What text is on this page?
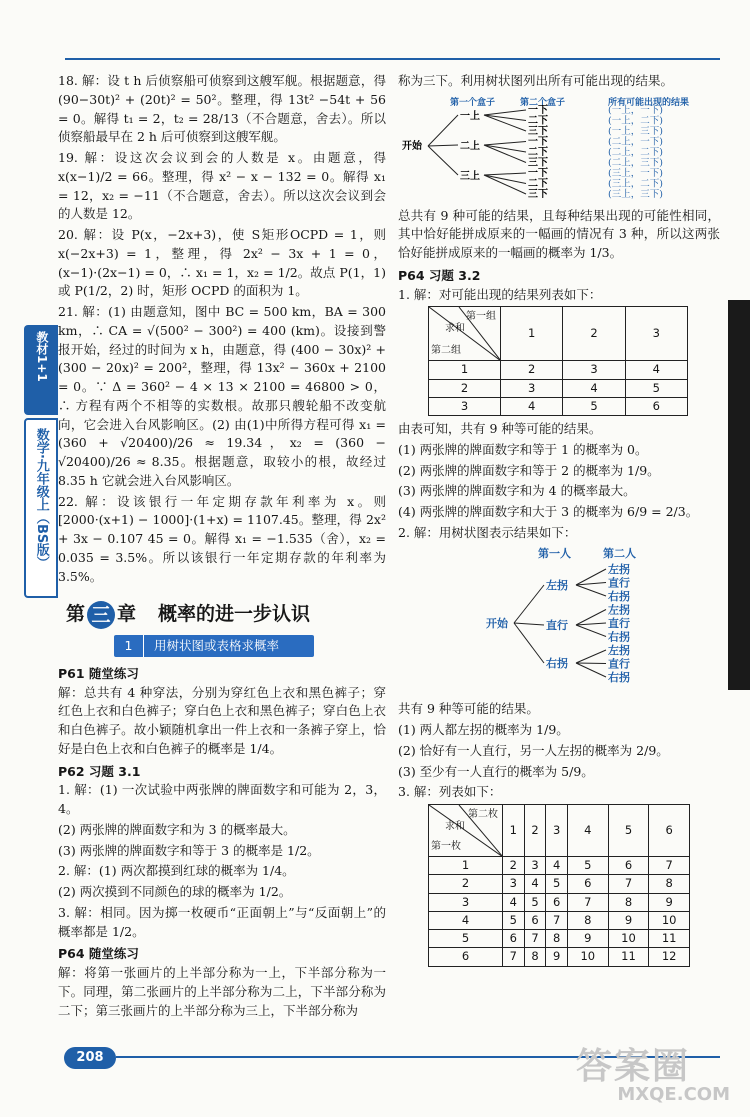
教材1+1
数学·九年级上（BS版）

18. 解：设 t h 后侦察船可侦察到这艘军舰。根据题意，得 (90−30t)² + (20t)² = 50²。整理，得 13t² −54t + 56 = 0。解得 t₁ = 2，t₂ = 28/13（不合题意，舍去）。所以侦察船最早在 2 h 后可侦察到这艘军舰。

19. 解：设这次会议到会的人数是 x。由题意，得 x(x−1)/2 = 66。整理，得 x² − x − 132 = 0。解得 x₁ = 12，x₂ = −11（不合题意，舍去）。所以这次会议到会的人数是 12。

20. 解：设 P(x，−2x+3)，使 S矩形OCPD = 1，则 x(−2x+3) = 1，整理，得 2x² − 3x + 1 = 0，(x−1)·(2x−1) = 0，∴ x₁ = 1，x₂ = 1/2。故点 P(1，1) 或 P(1/2，2) 时，矩形 OCPD 的面积为 1。

21. 解：(1) 由题意知，图中 BC = 500 km，BA = 300 km，∴ CA = √(500² − 300²) = 400 (km)。设接到警报开始，经过的时间为 x h，由题意，得 (400 − 30x)² + (300 − 20x)² = 200²，整理，得 13x² − 360x + 2100 = 0。∵ Δ = 360² − 4 × 13 × 2100 = 46800 > 0，∴ 方程有两个不相等的实数根。故那只艘轮船不改变航向，它会进入台风影响区。(2) 由(1)中所得方程可得 x₁ = (360 + √20400)/26 ≈ 19.34，x₂ = (360 − √20400)/26 ≈ 8.35。根据题意，取较小的根，故经过 8.35 h 它就会进入台风影响区。

22. 解：设该银行一年定期存款年利率为 x。则 [2000·(x+1) − 1000]·(1+x) = 1107.45。整理，得 2x² + 3x − 0.107 45 = 0。解得 x₁ = −1.535（舍），x₂ = 0.035 = 3.5%。所以该银行一年定期存款的年利率为 3.5%。

第 三 章 概率的进一步认识
1	用树状图或表格求概率
P61 随堂练习

解：总共有 4 种穿法，分别为穿红色上衣和黑色裤子；穿红色上衣和白色裤子；穿白色上衣和黑色裤子；穿白色上衣和白色裤子。故小颖随机拿出一件上衣和一条裤子穿上，恰好是白色上衣和白色裤子的概率是 1/4。

P62 习题 3.1

1. 解：(1) 一次试验中两张牌的牌面数字和可能为 2，3，4。

(2) 两张牌的牌面数字和为 3 的概率最大。

(3) 两张牌的牌面数字和等于 3 的概率是 1/2。

2. 解：(1) 两次都摸到红球的概率为 1/4。

(2) 两次摸到不同颜色的球的概率为 1/2。

3. 解：相同。因为掷一枚硬币“正面朝上”与“反面朝上”的概率都是 1/2。

P64 随堂练习

解：将第一张画片的上半部分称为一上，下半部分称为一下。同理，第二张画片的上半部分称为二上，下半部分称为二下；第三张画片的上半部分称为三上，下半部分称为

称为三下。利用树状图列出所有可能出现的结果。

第一个盒子	第二个盒子	所有可能出现的结果
开始
一上
一下	(一上，一下)
二下	(一上，二下)
三下	(一上，三下)
二上	一下	(二上，一下)
二下	(二上，二下)
三下	(二上，三下)
三上	一下	(三上，一下)
二下	(三上，二下)
三下	(三上，三下)

总共有 9 种可能的结果，且每种结果出现的可能性相同，其中恰好能拼成原来的一幅画的情况有 3 种，所以这两张恰好能拼成原来的一幅画的概率为 1/3。

P64 习题 3.2

1. 解：对可能出现的结果列表如下：

第一组
求和
第二组	1	2	3
1	2	3	4
2	3	4	5
3	4	5	6

由表可知，共有 9 种等可能的结果。

(1) 两张牌的牌面数字和等于 1 的概率为 0。

(2) 两张牌的牌面数字和等于 2 的概率为 1/9。

(3) 两张牌的牌面数字和为 4 的概率最大。

(4) 两张牌的牌面数字和大于 3 的概率为 6/9 = 2/3。

2. 解：用树状图表示结果如下：

第一人	第二人
开始
左拐
左拐
直行
右拐
直行
左拐
直行
右拐
右拐
左拐
直行
右拐

共有 9 种等可能的结果。

(1) 两人都左拐的概率为 1/9。

(2) 恰好有一人直行，另一人左拐的概率为 2/9。

(3) 至少有一人直行的概率为 5/9。

3. 解：列表如下：

第二枚
求和
第一枚	1	2	3	4	5	6
1	2	3	4	5	6	7
2	3	4	5	6	7	8
3	4	5	6	7	8	9
4	5	6	7	8	9	10
5	6	7	8	9	10	11
6	7	8	9	10	11	12
208	答案圈
MXQE.COM
